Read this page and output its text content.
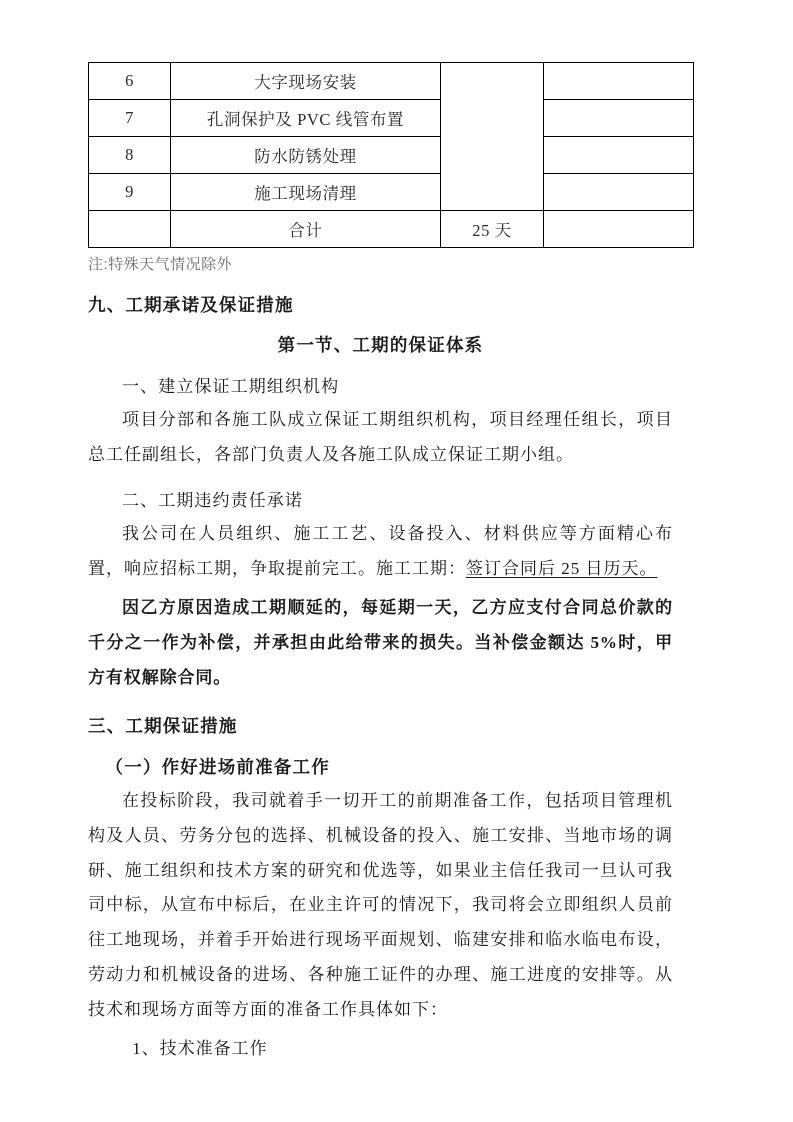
6	大字现场安装		
7	孔洞保护及 PVC 线管布置		
8	防水防锈处理		
9	施工现场清理		
	合计	25 天	
注:特殊天气情况除外
九、工期承诺及保证措施
第一节、工期的保证体系
一、建立保证工期组织机构

项目分部和各施工队成立保证工期组织机构，项目经理任组长，项目总工任副组长，各部门负责人及各施工队成立保证工期小组。

二、工期违约责任承诺

我公司在人员组织、施工工艺、设备投入、材料供应等方面精心布置，响应招标工期，争取提前完工。施工工期：签订合同后 25 日历天。

因乙方原因造成工期顺延的，每延期一天，乙方应支付合同总价款的千分之一作为补偿，并承担由此给带来的损失。当补偿金额达 5%时，甲方有权解除合同。

三、工期保证措施
（一）作好进场前准备工作

在投标阶段，我司就着手一切开工的前期准备工作，包括项目管理机构及人员、劳务分包的选择、机械设备的投入、施工安排、当地市场的调研、施工组织和技术方案的研究和优选等，如果业主信任我司一旦认可我司中标，从宣布中标后，在业主许可的情况下，我司将会立即组织人员前往工地现场，并着手开始进行现场平面规划、临建安排和临水临电布设，劳动力和机械设备的进场、各种施工证件的办理、施工进度的安排等。从技术和现场方面等方面的准备工作具体如下：

1、技术准备工作
